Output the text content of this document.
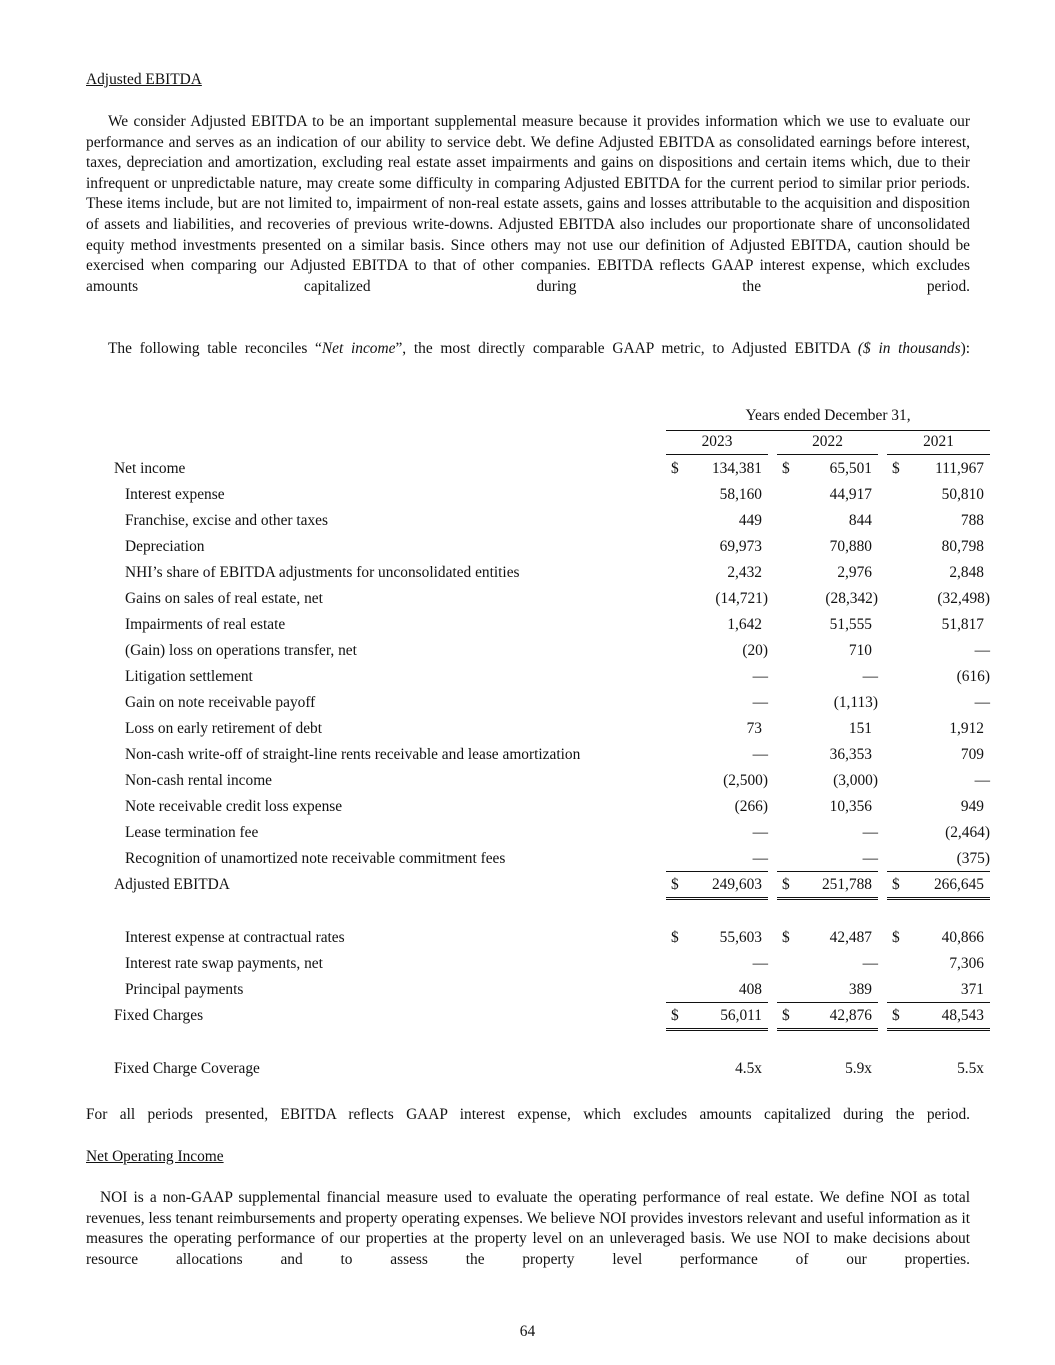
Adjusted EBITDA
We consider Adjusted EBITDA to be an important supplemental measure because it provides information which we use to evaluate our performance and serves as an indication of our ability to service debt. We define Adjusted EBITDA as consolidated earnings before interest, taxes, depreciation and amortization, excluding real estate asset impairments and gains on dispositions and certain items which, due to their infrequent or unpredictable nature, may create some difficulty in comparing Adjusted EBITDA for the current period to similar prior periods. These items include, but are not limited to, impairment of non-real estate assets, gains and losses attributable to the acquisition and disposition of assets and liabilities, and recoveries of previous write-downs. Adjusted EBITDA also includes our proportionate share of unconsolidated equity method investments presented on a similar basis. Since others may not use our definition of Adjusted EBITDA, caution should be exercised when comparing our Adjusted EBITDA to that of other companies. EBITDA reflects GAAP interest expense, which excludes amounts capitalized during the period.
The following table reconciles “Net income”, the most directly comparable GAAP metric, to Adjusted EBITDA ($ in thousands):
Years ended December 31,
2023	2022	2021
Net income	$ 134,381 $	65,501 $ 111,967
Interest expense	58,160	44,917	50,810
Franchise, excise and other taxes	449	844	788
Depreciation	69,973	70,880	80,798
NHI’s share of EBITDA adjustments for unconsolidated entities	2,432	2,976	2,848
Gains on sales of real estate, net	(14,721)	(28,342)	(32,498)
Impairments of real estate	1,642	51,555	51,817
(Gain) loss on operations transfer, net	(20)	710	—
Litigation settlement	—	—	(616)
Gain on note receivable payoff	—	(1,113)	—
Loss on early retirement of debt	73	151	1,912
Non-cash write-off of straight-line rents receivable and lease amortization	—	36,353	709
Non-cash rental income	(2,500)	(3,000)	—
Note receivable credit loss expense	(266)	10,356	949
Lease termination fee	—	—	(2,464)
Recognition of unamortized note receivable commitment fees	—	—	(375)
Adjusted EBITDA	$ 249,603 $ 251,788 $ 266,645
Interest expense at contractual rates	$	55,603 $	42,487 $	40,866
Interest rate swap payments, net	—	—	7,306
Principal payments	408	389	371
Fixed Charges	$	56,011 $	42,876 $	48,543
Fixed Charge Coverage	4.5x	5.9x	5.5x
For all periods presented, EBITDA reflects GAAP interest expense, which excludes amounts capitalized during the period.
Net Operating Income
NOI is a non-GAAP supplemental financial measure used to evaluate the operating performance of real estate. We define NOI as total revenues, less tenant reimbursements and property operating expenses. We believe NOI provides investors relevant and useful information as it measures the operating performance of our properties at the property level on an unleveraged basis. We use NOI to make decisions about resource allocations and to assess the property level performance of our properties.
64
